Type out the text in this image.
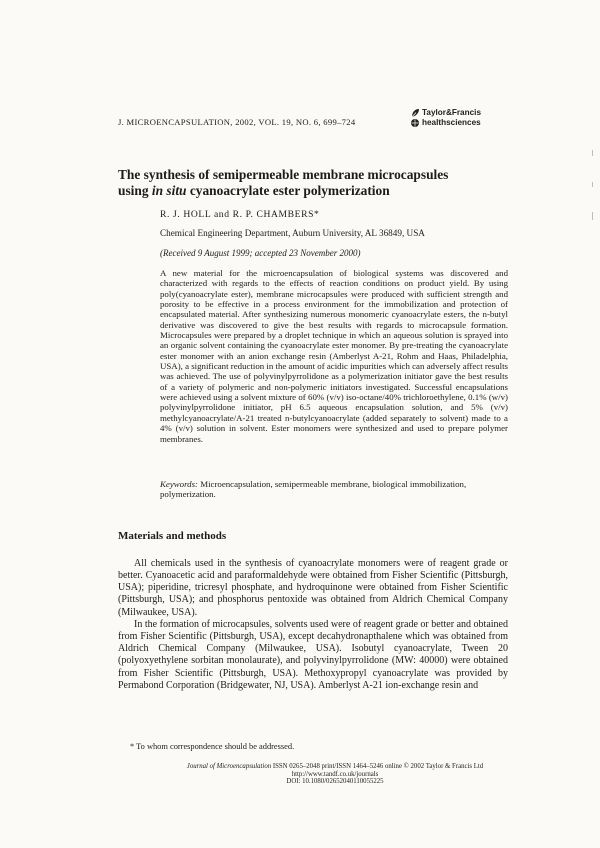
J. MICROENCAPSULATION, 2002, VOL. 19, NO. 6, 699–724
Taylor&Francis
healthsciences
The synthesis of semipermeable membrane microcapsules
using in situ cyanoacrylate ester polymerization
R. J. HOLL and R. P. CHAMBERS*
Chemical Engineering Department, Auburn University, AL 36849, USA
(Received 9 August 1999; accepted 23 November 2000)

A new material for the microencapsulation of biological systems was discovered and characterized with regards to the effects of reaction conditions on product yield. By using poly(cyanoacrylate ester), membrane microcapsules were produced with sufficient strength and porosity to be effective in a process environment for the immobilization and protection of encapsulated material. After synthesizing numerous monomeric cyanoacrylate esters, the n-butyl derivative was discovered to give the best results with regards to microcapsule formation. Microcapsules were prepared by a droplet technique in which an aqueous solution is sprayed into an organic solvent containing the cyanoacrylate ester monomer. By pre-treating the cyanoacrylate ester monomer with an anion exchange resin (Amberlyst A-21, Rohm and Haas, Philadelphia, USA), a significant reduction in the amount of acidic impurities which can adversely affect results was achieved. The use of polyvinylpyrrolidone as a polymerization initiator gave the best results of a variety of polymeric and non-polymeric initiators investigated. Successful encapsulations were achieved using a solvent mixture of 60% (v/v) iso-octane/40% trichloroethylene, 0.1% (w/v) polyvinylpyrrolidone initiator, pH 6.5 aqueous encapsulation solution, and 5% (v/v) methylcyanoacrylate/A-21 treated n-butylcyanoacrylate (added separately to solvent) made to a 4% (v/v) solution in solvent. Ester monomers were synthesized and used to prepare polymer membranes.

Keywords: Microencapsulation, semipermeable membrane, biological immobilization, polymerization.

Materials and methods

All chemicals used in the synthesis of cyanoacrylate monomers were of reagent grade or better. Cyanoacetic acid and paraformaldehyde were obtained from Fisher Scientific (Pittsburgh, USA); piperidine, tricresyl phosphate, and hydroquinone were obtained from Fisher Scientific (Pittsburgh, USA); and phosphorus pentoxide was obtained from Aldrich Chemical Company (Milwaukee, USA).

In the formation of microcapsules, solvents used were of reagent grade or better and obtained from Fisher Scientific (Pittsburgh, USA), except decahydronapthalene which was obtained from Aldrich Chemical Company (Milwaukee, USA). Isobutyl cyanoacrylate, Tween 20 (polyoxyethylene sorbitan monolaurate), and polyvinylpyrrolidone (MW: 40000) were obtained from Fisher Scientific (Pittsburgh, USA). Methoxypropyl cyanoacrylate was provided by Permabond Corporation (Bridgewater, NJ, USA). Amberlyst A-21 ion-exchange resin and

* To whom correspondence should be addressed.
Journal of Microencapsulation ISSN 0265–2048 print/ISSN 1464–5246 online © 2002 Taylor & Francis Ltd
http://www.tandf.co.uk/journals
DOI: 10.1080/02652040110055225
